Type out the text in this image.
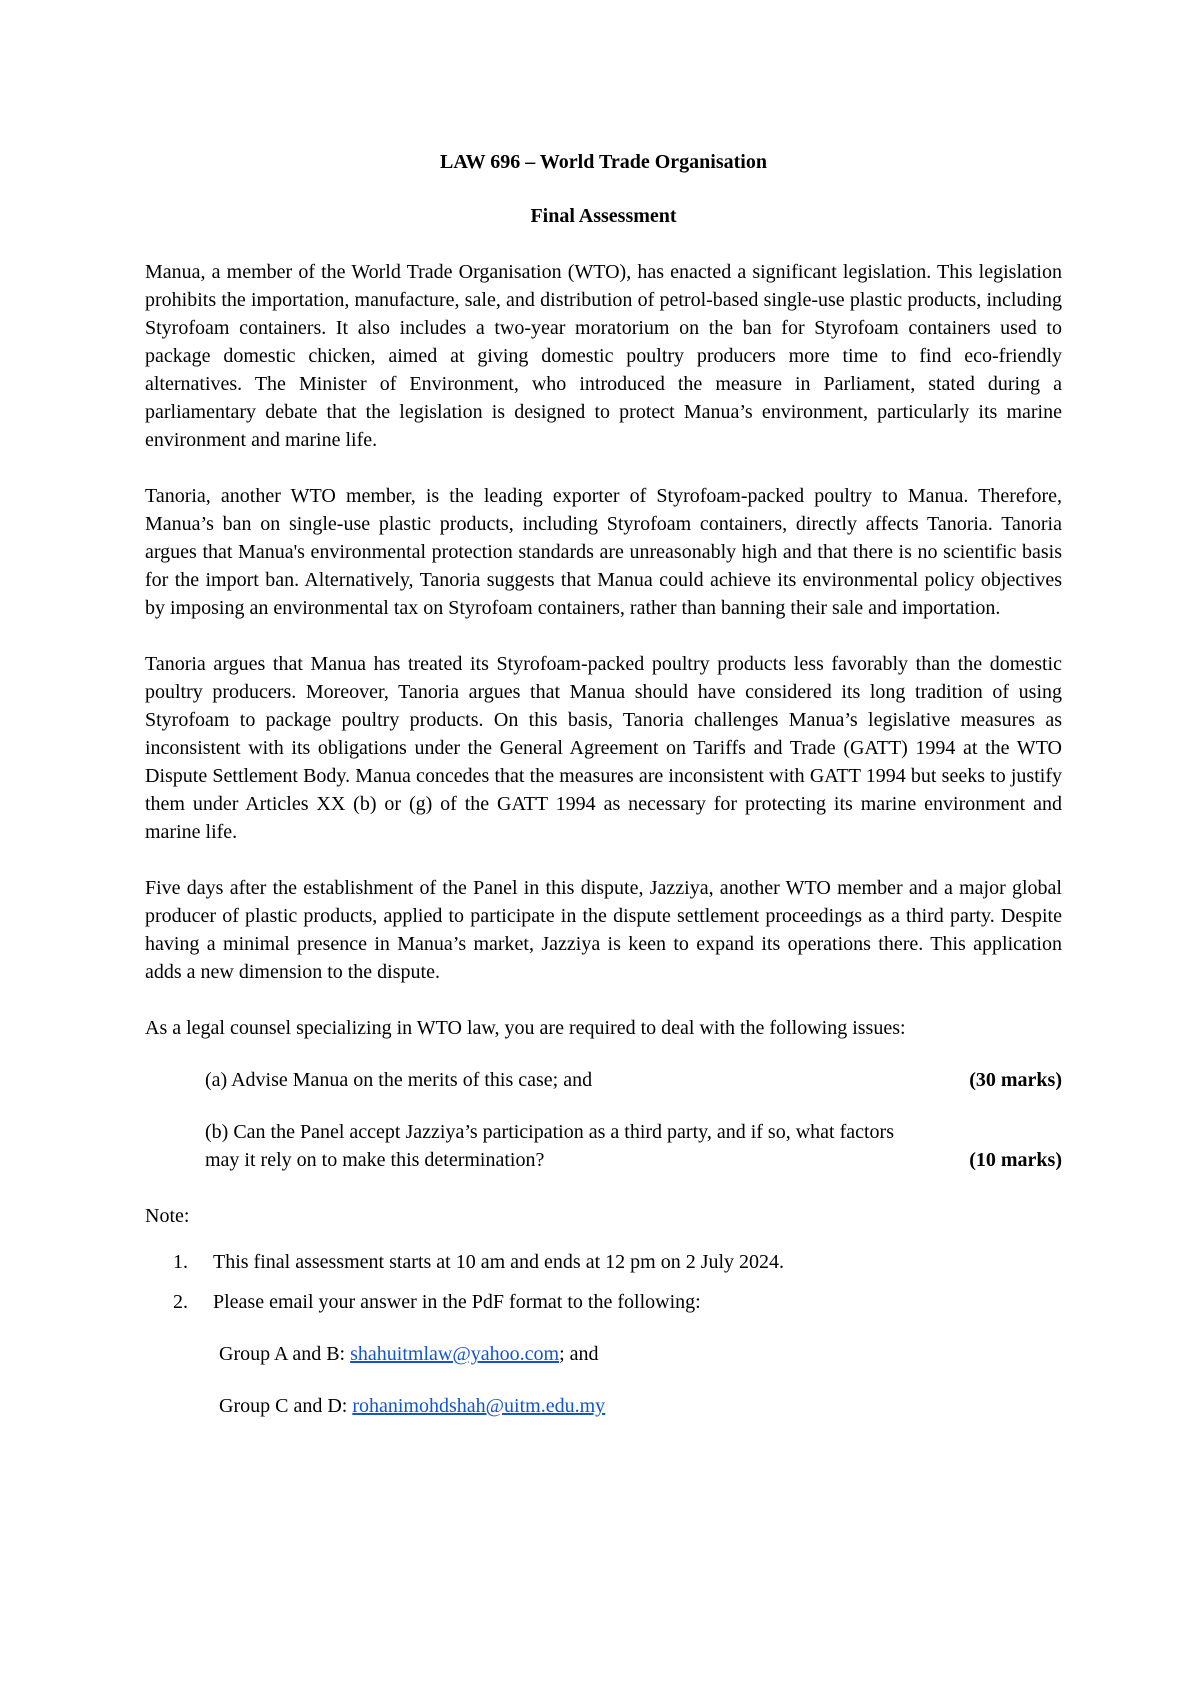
LAW 696 – World Trade Organisation

Final Assessment

Manua, a member of the World Trade Organisation (WTO), has enacted a significant legislation. This legislation prohibits the importation, manufacture, sale, and distribution of petrol-based single-use plastic products, including Styrofoam containers. It also includes a two-year moratorium on the ban for Styrofoam containers used to package domestic chicken, aimed at giving domestic poultry producers more time to find eco-friendly alternatives. The Minister of Environment, who introduced the measure in Parliament, stated during a parliamentary debate that the legislation is designed to protect Manua’s environment, particularly its marine environment and marine life.

Tanoria, another WTO member, is the leading exporter of Styrofoam-packed poultry to Manua. Therefore, Manua’s ban on single-use plastic products, including Styrofoam containers, directly affects Tanoria. Tanoria argues that Manua's environmental protection standards are unreasonably high and that there is no scientific basis for the import ban. Alternatively, Tanoria suggests that Manua could achieve its environmental policy objectives by imposing an environmental tax on Styrofoam containers, rather than banning their sale and importation.

Tanoria argues that Manua has treated its Styrofoam-packed poultry products less favorably than the domestic poultry producers. Moreover, Tanoria argues that Manua should have considered its long tradition of using Styrofoam to package poultry products. On this basis, Tanoria challenges Manua’s legislative measures as inconsistent with its obligations under the General Agreement on Tariffs and Trade (GATT) 1994 at the WTO Dispute Settlement Body. Manua concedes that the measures are inconsistent with GATT 1994 but seeks to justify them under Articles XX (b) or (g) of the GATT 1994 as necessary for protecting its marine environment and marine life.

Five days after the establishment of the Panel in this dispute, Jazziya, another WTO member and a major global producer of plastic products, applied to participate in the dispute settlement proceedings as a third party. Despite having a minimal presence in Manua’s market, Jazziya is keen to expand its operations there. This application adds a new dimension to the dispute.

As a legal counsel specializing in WTO law, you are required to deal with the following issues:

(a) Advise Manua on the merits of this case; and	(30 marks)
(b) Can the Panel accept Jazziya’s participation as a third party, and if so, what factors
may it rely on to make this determination?	(10 marks)

Note:

1.	This final assessment starts at 10 am and ends at 12 pm on 2 July 2024.
2.	Please email your answer in the PdF format to the following:

Group A and B: shahuitmlaw@yahoo.com; and

Group C and D: rohanimohdshah@uitm.edu.my
